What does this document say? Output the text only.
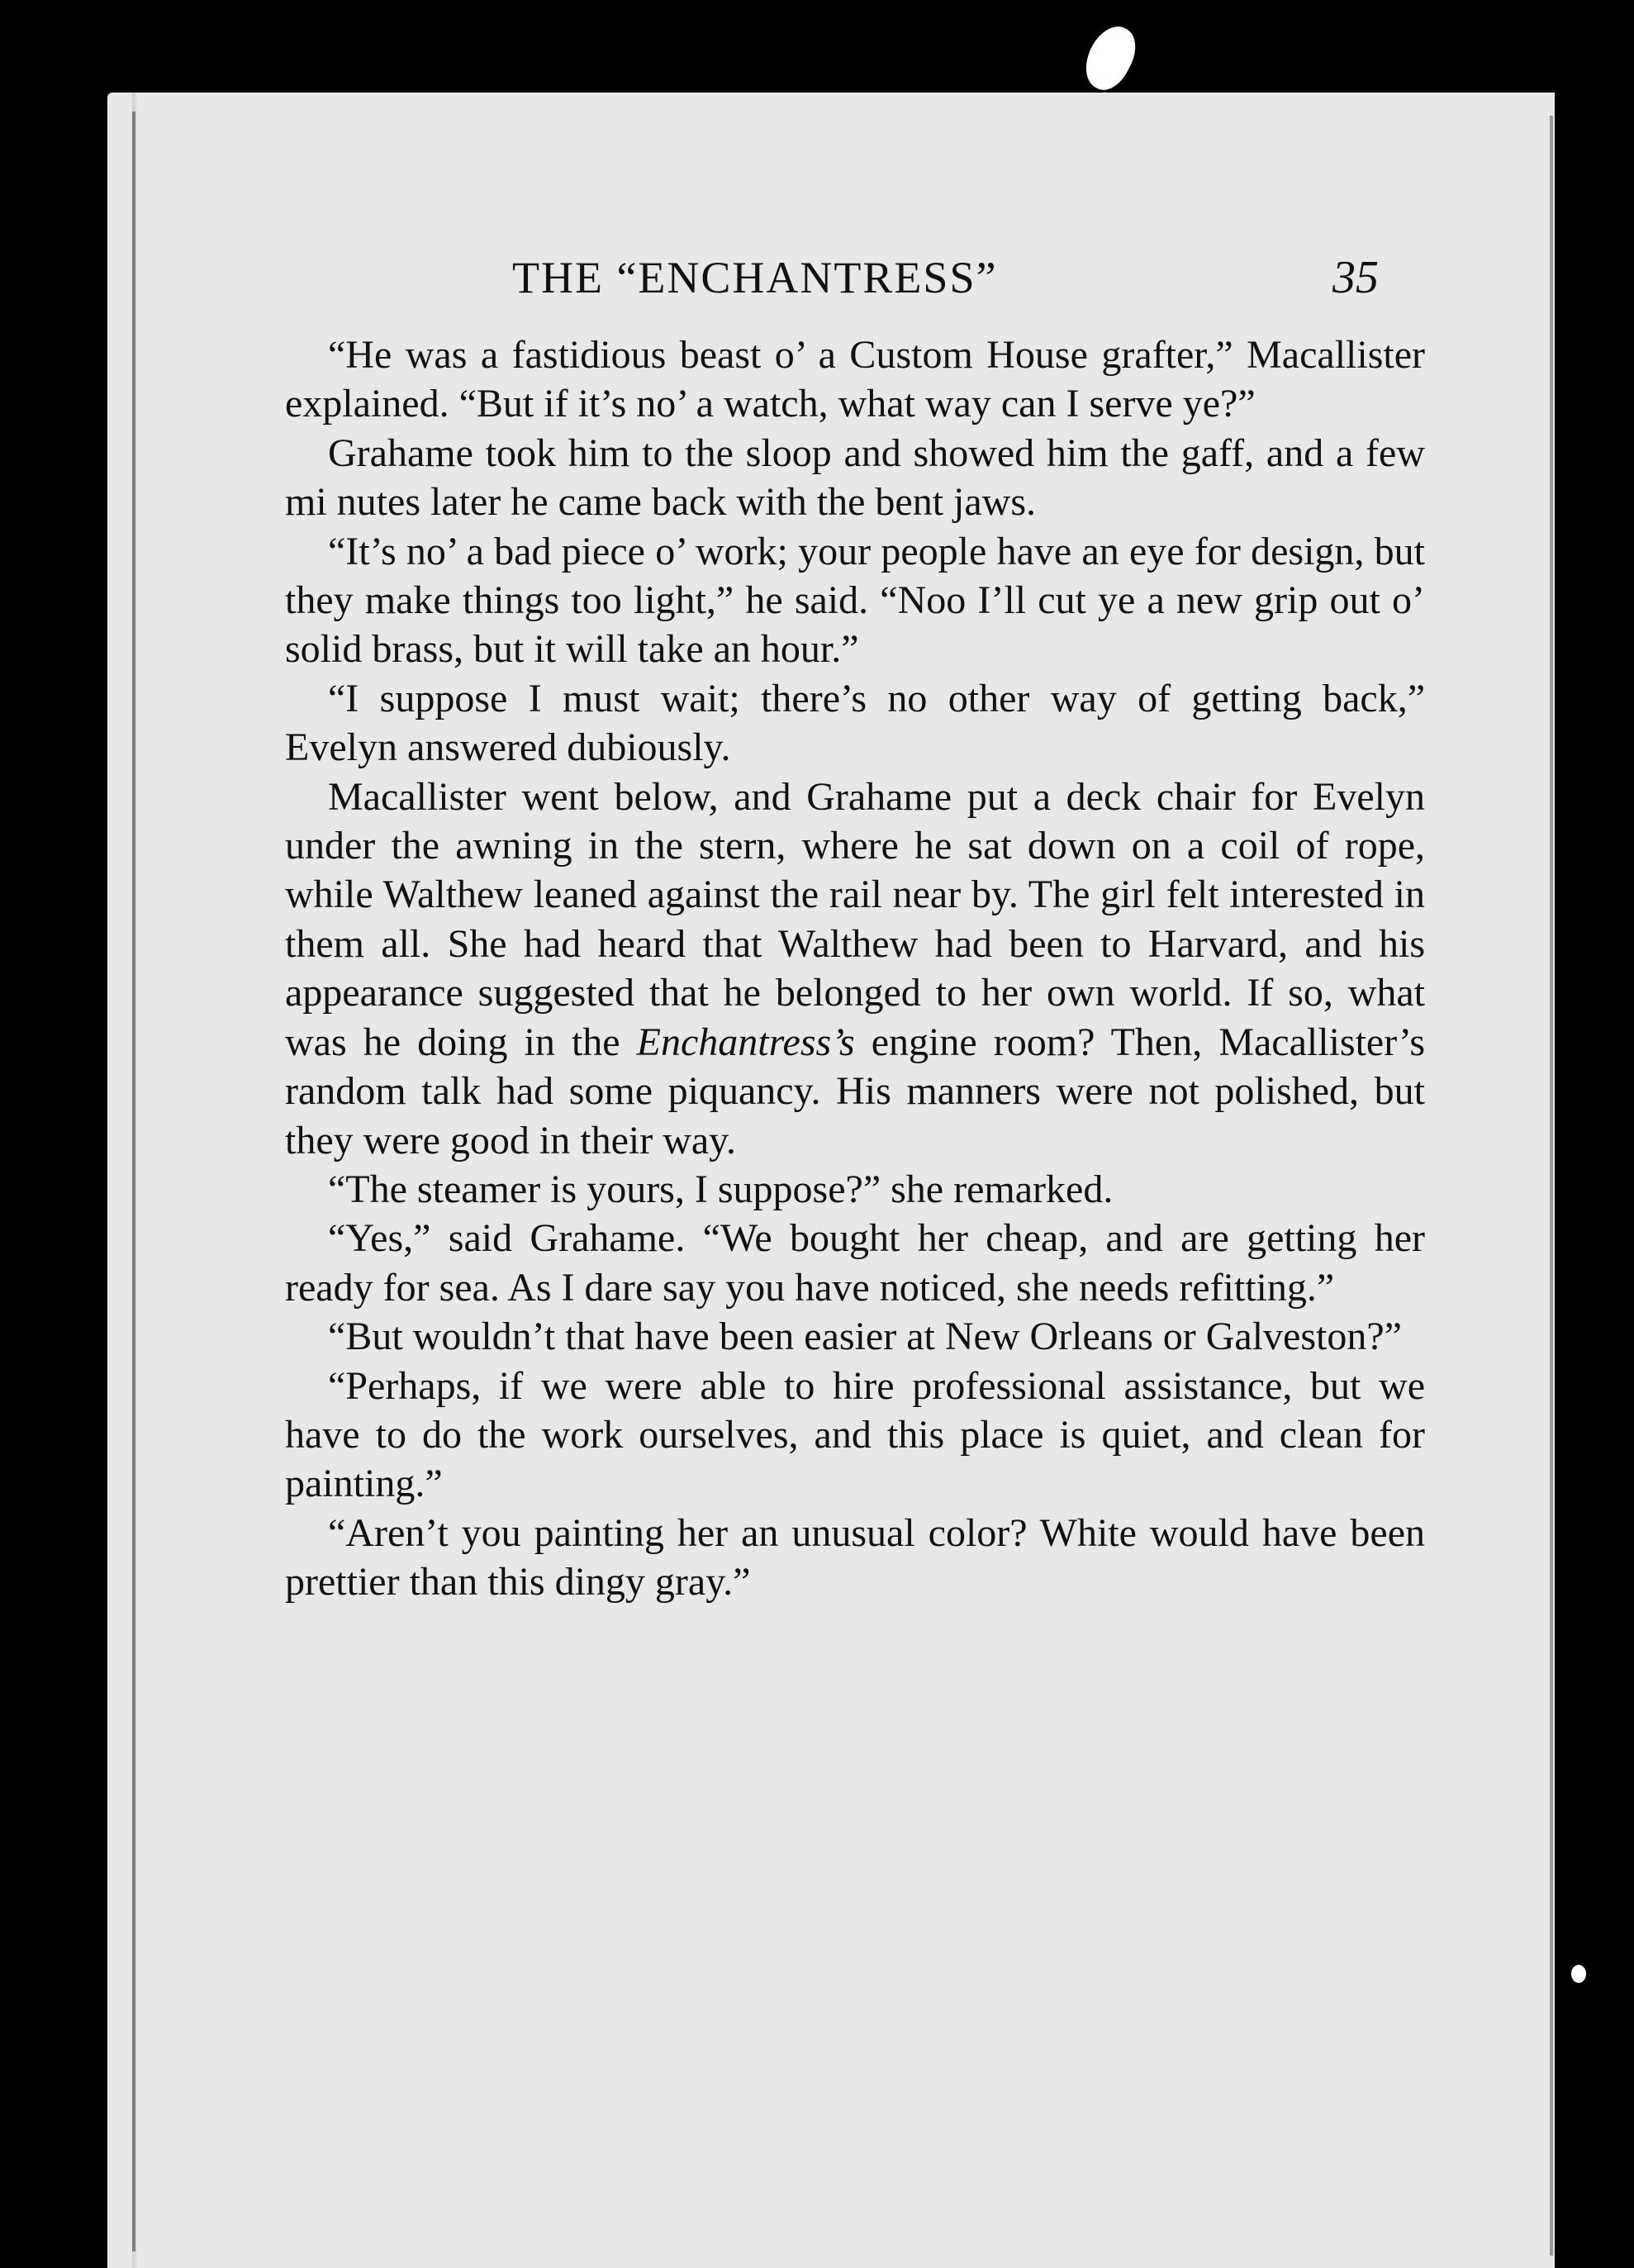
THE “ENCHANTRESS”	35

“He was a fastidious beast o’ a Custom House grafter,” Macallister explained. “But if it’s no’ a watch, what way can I serve ye?”

Grahame took him to the sloop and showed him the gaff, and a few mi nutes later he came back with the bent jaws.

“It’s no’ a bad piece o’ work; your people have an eye for design, but they make things too light,” he said. “Noo I’ll cut ye a new grip out o’ solid brass, but it will take an hour.”

“I suppose I must wait; there’s no other way of getting back,” Evelyn answered dubiously.

Macallister went below, and Grahame put a deck chair for Evelyn under the awning in the stern, where he sat down on a coil of rope, while Walthew leaned against the rail near by. The girl felt interested in them all. She had heard that Walthew had been to Harvard, and his appearance suggested that he belonged to her own world. If so, what was he doing in the Enchantress’s engine room? Then, Macallister’s random talk had some piquancy. His manners were not polished, but they were good in their way.

“The steamer is yours, I suppose?” she remarked.

“Yes,” said Grahame. “We bought her cheap, and are getting her ready for sea. As I dare say you have noticed, she needs refitting.”

“But wouldn’t that have been easier at New Orleans or Galveston?”

“Perhaps, if we were able to hire professional assistance, but we have to do the work ourselves, and this place is quiet, and clean for painting.”

“Aren’t you painting her an unusual color? White would have been prettier than this dingy gray.”
